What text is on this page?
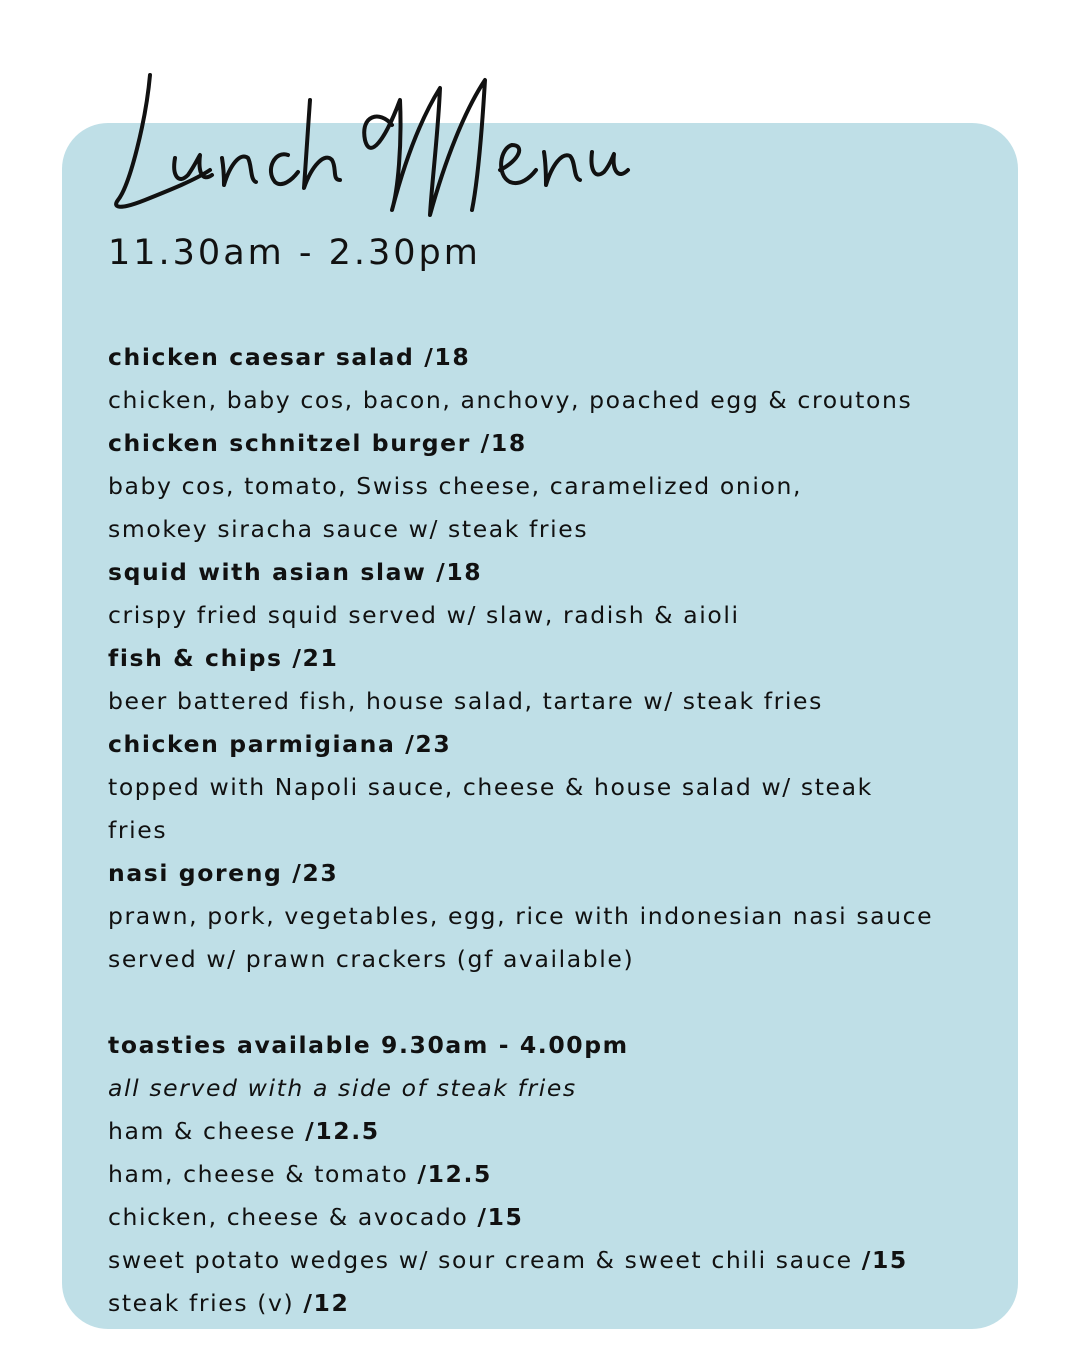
11.30am - 2.30pm

chicken caesar salad /18

chicken, baby cos, bacon, anchovy, poached egg & croutons

chicken schnitzel burger /18

baby cos, tomato, Swiss cheese, caramelized onion,

smokey siracha sauce w/ steak fries

squid with asian slaw /18

crispy fried squid served w/ slaw, radish & aioli

fish & chips /21

beer battered fish, house salad, tartare w/ steak fries

chicken parmigiana /23

topped with Napoli sauce, cheese & house salad w/ steak

fries

nasi goreng /23

prawn, pork, vegetables, egg, rice with indonesian nasi sauce

served w/ prawn crackers (gf available)

toasties available 9.30am - 4.00pm

all served with a side of steak fries

ham & cheese /12.5

ham, cheese & tomato /12.5

chicken, cheese & avocado /15

sweet potato wedges w/ sour cream & sweet chili sauce /15

steak fries (v) /12
